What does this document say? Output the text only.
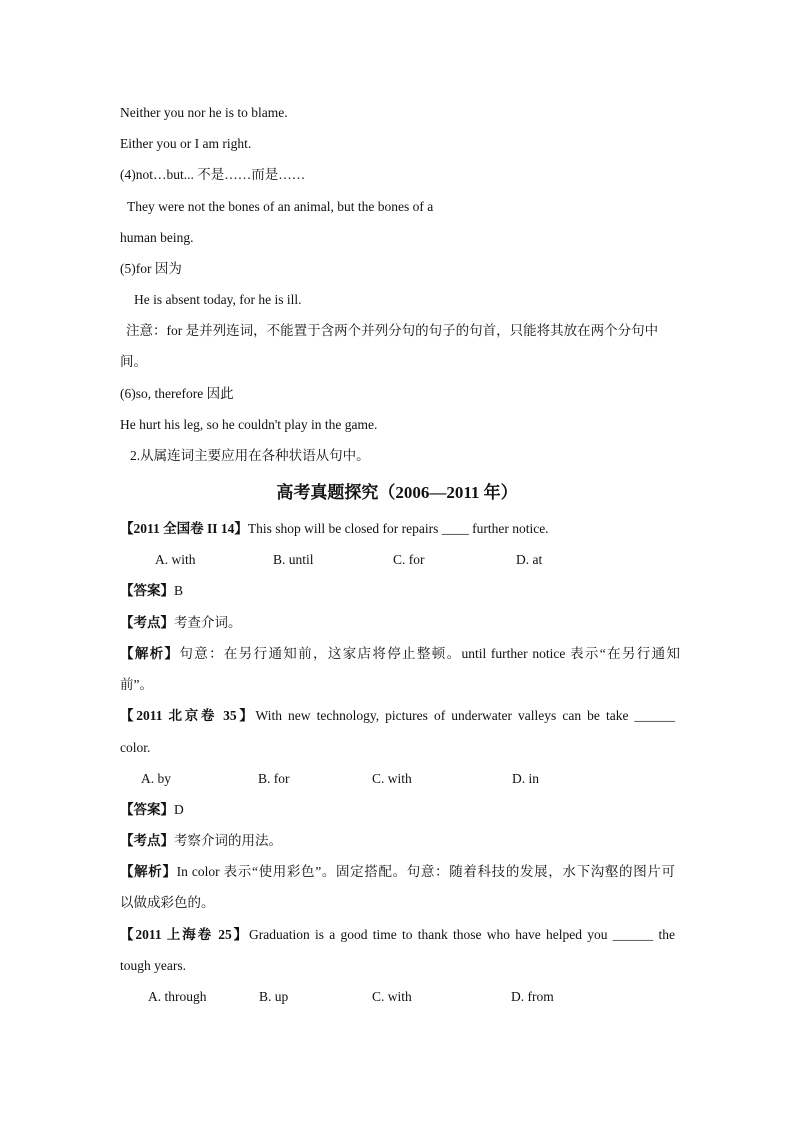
Neither you nor he is to blame.
Either you or I am right.
(4)not…but... 不是……而是……
They were not the bones of an animal, but the bones of a
human being.
(5)for 因为
He is absent today, for he is ill.
注意：for 是并列连词，不能置于含两个并列分句的句子的句首，只能将其放在两个分句中
间。
(6)so, therefore 因此
He hurt his leg, so he couldn't play in the game.
2.从属连词主要应用在各种状语从句中。
高考真题探究（2006—2011 年）
【2011 全国卷 II 14】This shop will be closed for repairs ____ further notice.
A. with	B. until	C. for	D. at
【答案】B
【考点】考查介词。
【解析】句意：在另行通知前，这家店将停止整顿。until further notice 表示“在另行通知
前”。
【2011 北京卷 35】With new technology, pictures of underwater valleys can be take ______
color.
A. by	B. for	C. with	D. in
【答案】D
【考点】考察介词的用法。
【解析】In color 表示“使用彩色”。固定搭配。句意：随着科技的发展，水下沟壑的图片可
以做成彩色的。
【2011 上海卷 25】Graduation is a good time to thank those who have helped you ______ the
tough years.
A. through	B. up	C. with	D. from
